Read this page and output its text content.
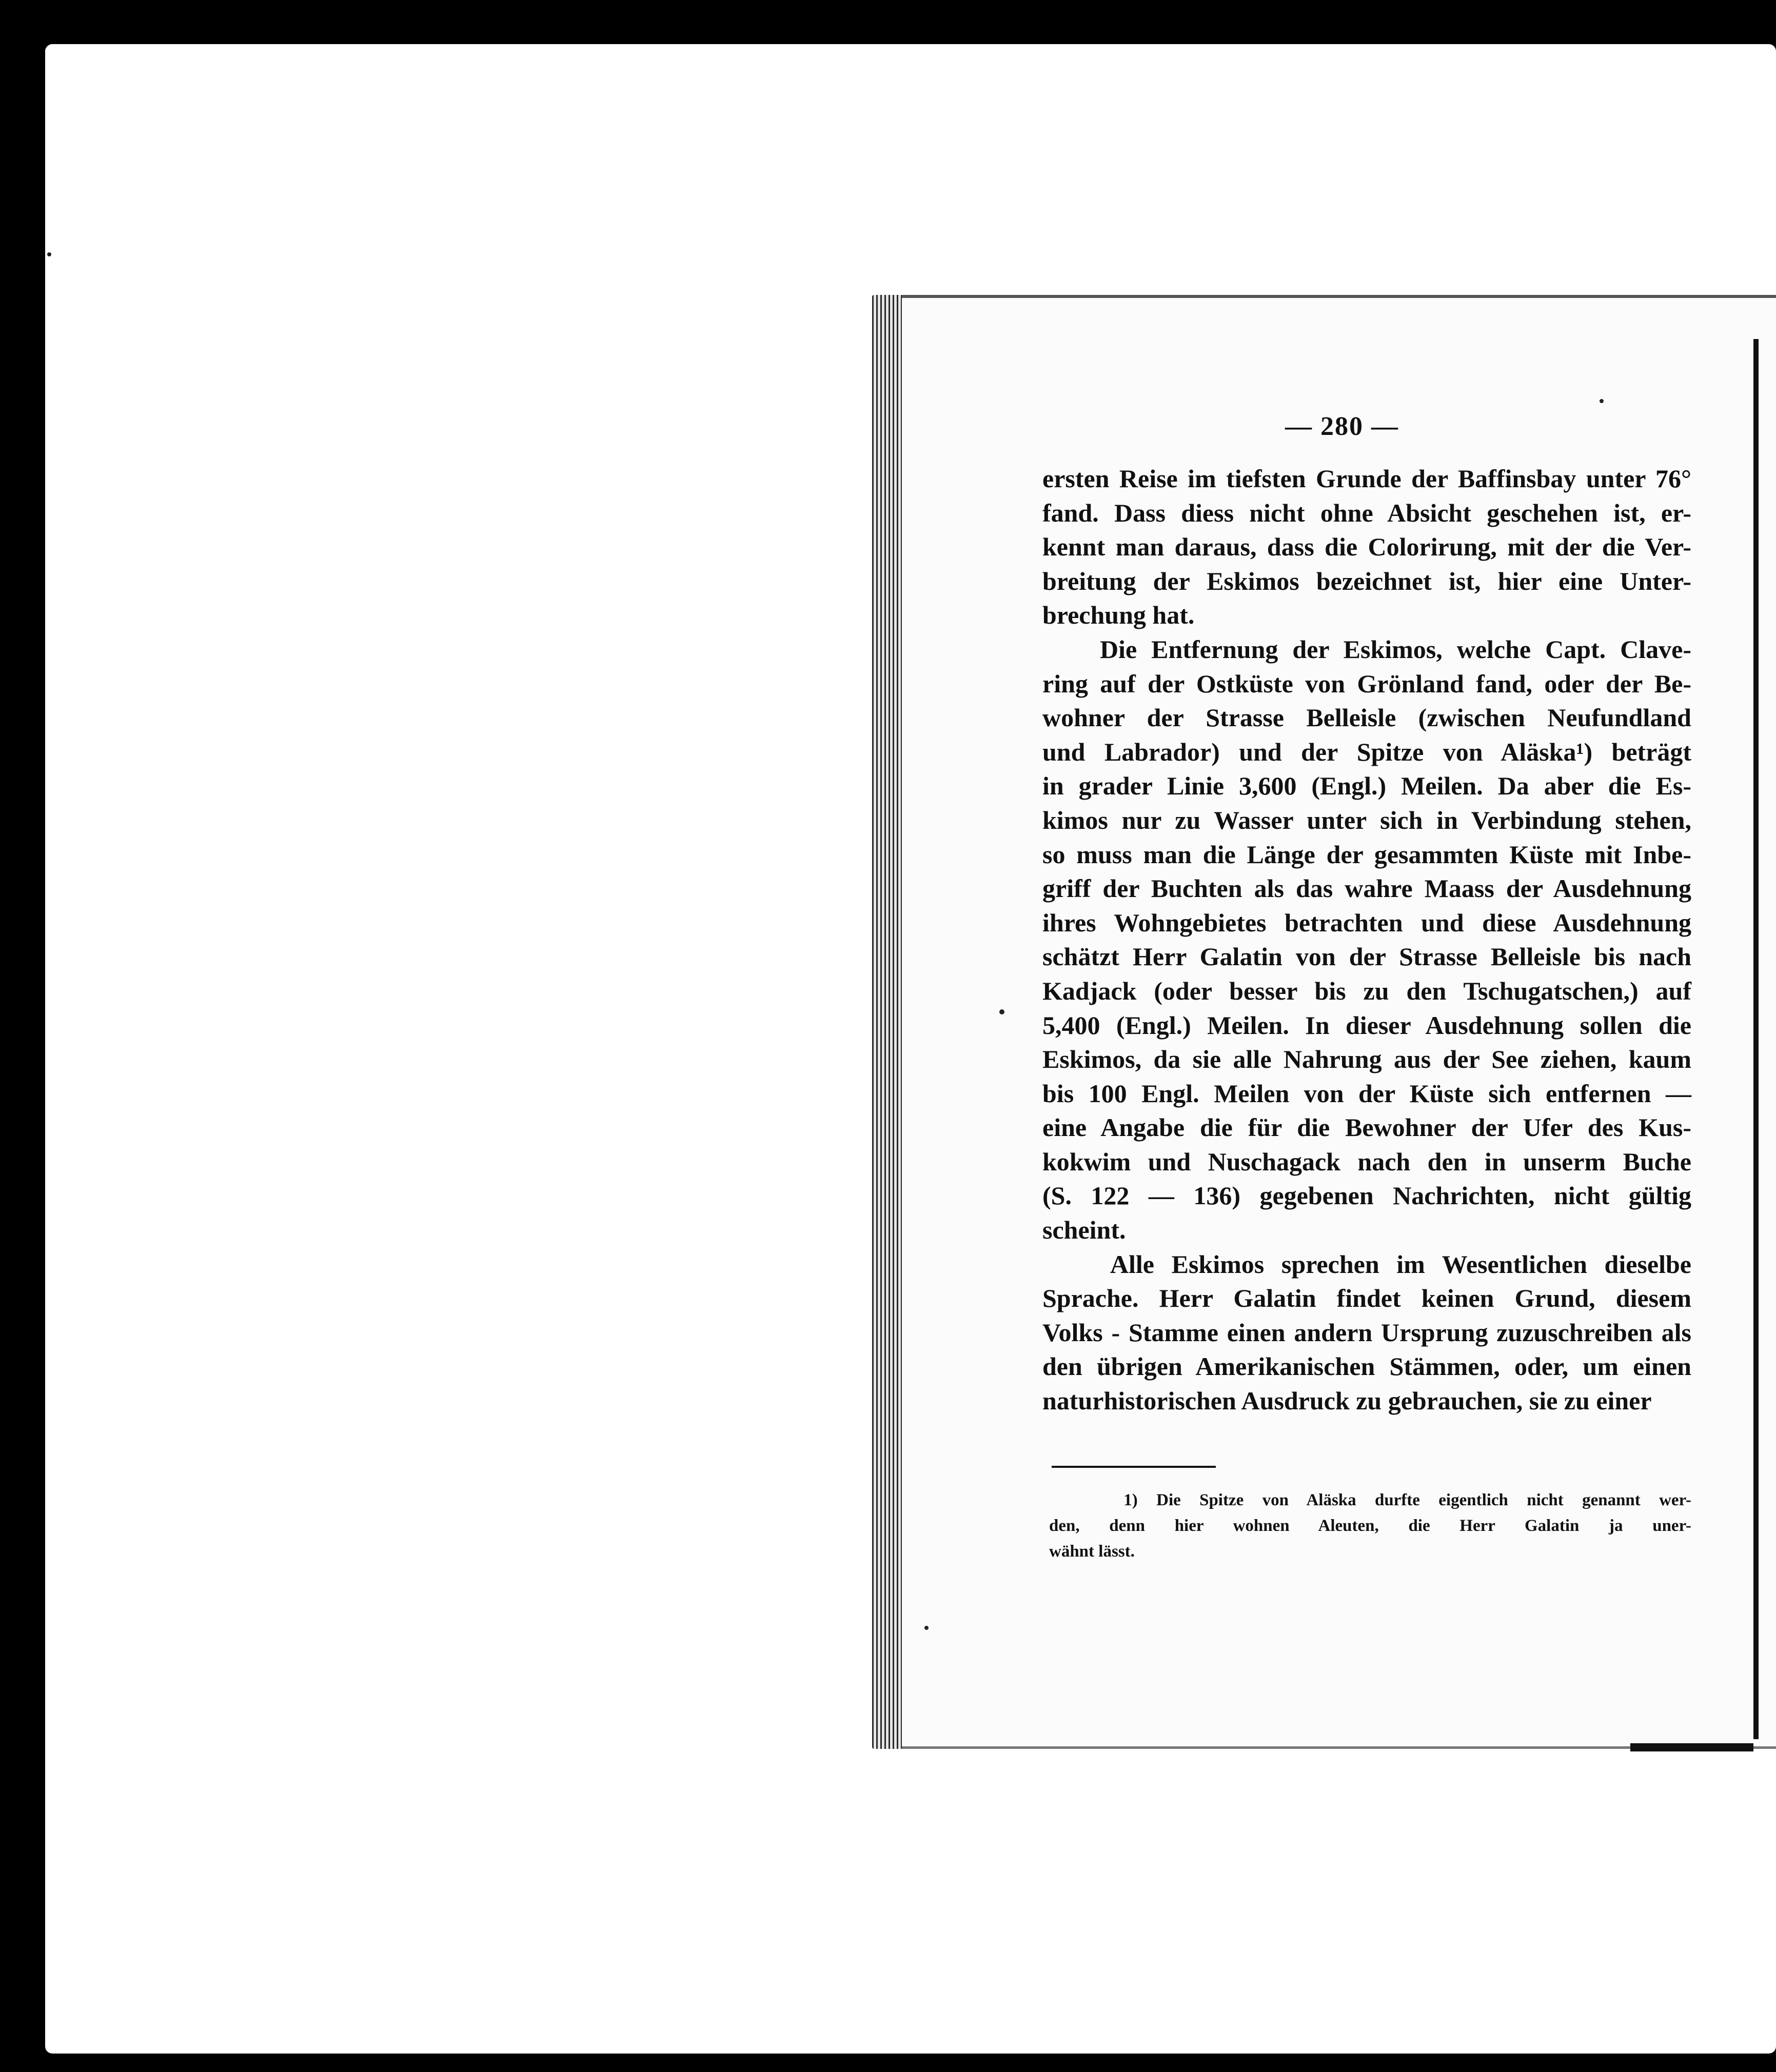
— 280 —
ersten Reise im tiefsten Grunde der Baffinsbay unter 76°
fand. Dass diess nicht ohne Absicht geschehen ist, er-
kennt man daraus, dass die Colorirung, mit der die Ver-
breitung der Eskimos bezeichnet ist, hier eine Unter-
brechung hat.
Die Entfernung der Eskimos, welche Capt. Clave-
ring auf der Ostküste von Grönland fand, oder der Be-
wohner der Strasse Belleisle (zwischen Neufundland
und Labrador) und der Spitze von Aläska¹) beträgt
in grader Linie 3,600 (Engl.) Meilen. Da aber die Es-
kimos nur zu Wasser unter sich in Verbindung stehen,
so muss man die Länge der gesammten Küste mit Inbe-
griff der Buchten als das wahre Maass der Ausdehnung
ihres Wohngebietes betrachten und diese Ausdehnung
schätzt Herr Galatin von der Strasse Belleisle bis nach
Kadjack (oder besser bis zu den Tschugatschen,) auf
5,400 (Engl.) Meilen. In dieser Ausdehnung sollen die
Eskimos, da sie alle Nahrung aus der See ziehen, kaum
bis 100 Engl. Meilen von der Küste sich entfernen —
eine Angabe die für die Bewohner der Ufer des Kus-
kokwim und Nuschagack nach den in unserm Buche
(S. 122 — 136) gegebenen Nachrichten, nicht gültig
scheint.
Alle Eskimos sprechen im Wesentlichen dieselbe
Sprache. Herr Galatin findet keinen Grund, diesem
Volks - Stamme einen andern Ursprung zuzuschreiben als
den übrigen Amerikanischen Stämmen, oder, um einen
naturhistorischen Ausdruck zu gebrauchen, sie zu einer
1) Die Spitze von Aläska durfte eigentlich nicht genannt wer-
den, denn hier wohnen Aleuten, die Herr Galatin ja uner-
wähnt lässt.
